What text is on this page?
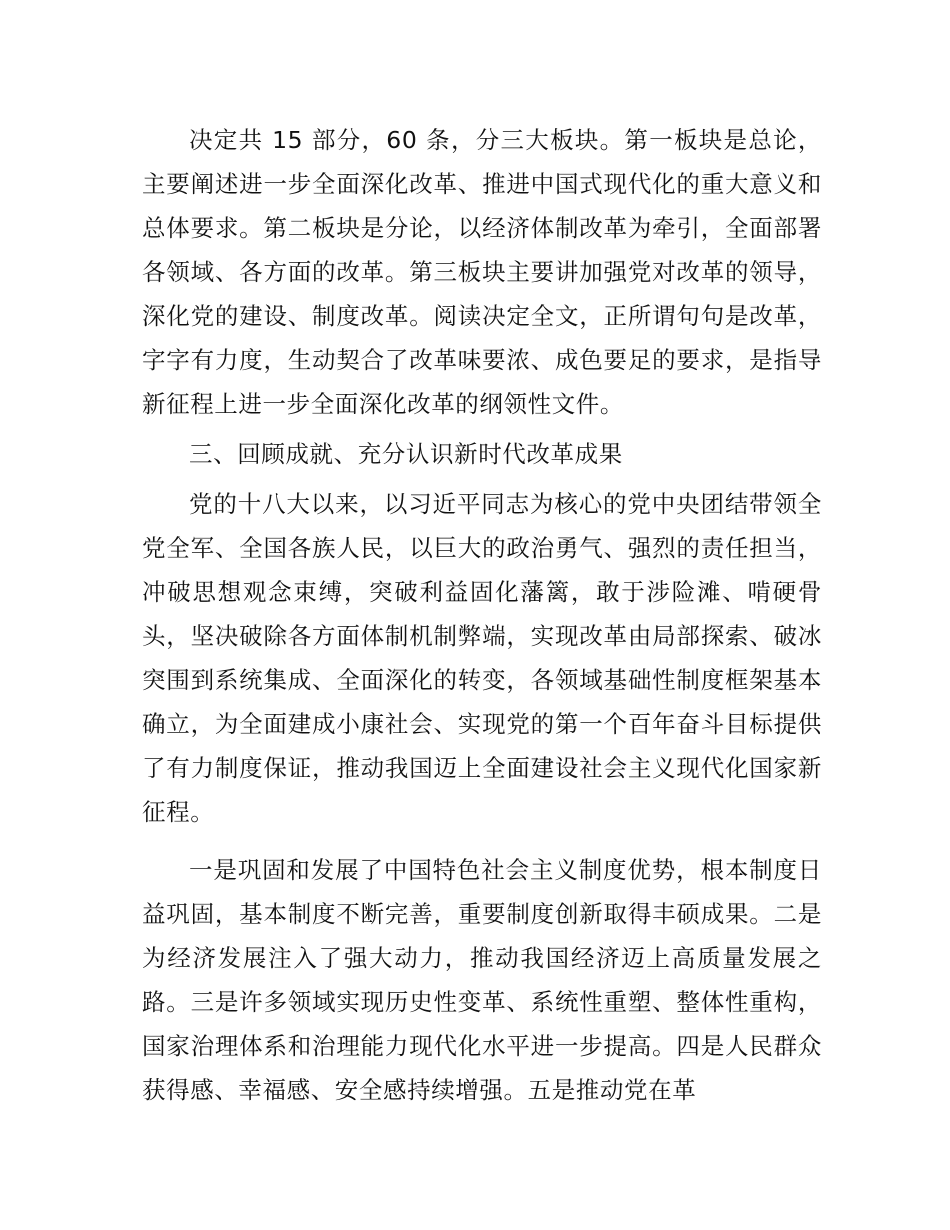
决定共 15 部分，60 条，分三大板块。第一板块是总论，主要阐述进一步全面深化改革、推进中国式现代化的重大意义和总体要求。第二板块是分论，以经济体制改革为牵引，全面部署各领域、各方面的改革。第三板块主要讲加强党对改革的领导，深化党的建设、制度改革。阅读决定全文，正所谓句句是改革，字字有力度，生动契合了改革味要浓、成色要足的要求，是指导新征程上进一步全面深化改革的纲领性文件。

三、回顾成就、充分认识新时代改革成果

党的十八大以来，以习近平同志为核心的党中央团结带领全党全军、全国各族人民，以巨大的政治勇气、强烈的责任担当，冲破思想观念束缚，突破利益固化藩篱，敢于涉险滩、啃硬骨头，坚决破除各方面体制机制弊端，实现改革由局部探索、破冰突围到系统集成、全面深化的转变，各领域基础性制度框架基本确立，为全面建成小康社会、实现党的第一个百年奋斗目标提供了有力制度保证，推动我国迈上全面建设社会主义现代化国家新征程。

一是巩固和发展了中国特色社会主义制度优势，根本制度日益巩固，基本制度不断完善，重要制度创新取得丰硕成果。二是为经济发展注入了强大动力，推动我国经济迈上高质量发展之路。三是许多领域实现历史性变革、系统性重塑、整体性重构，国家治理体系和治理能力现代化水平进一步提高。四是人民群众获得感、幸福感、安全感持续增强。五是推动党在革
